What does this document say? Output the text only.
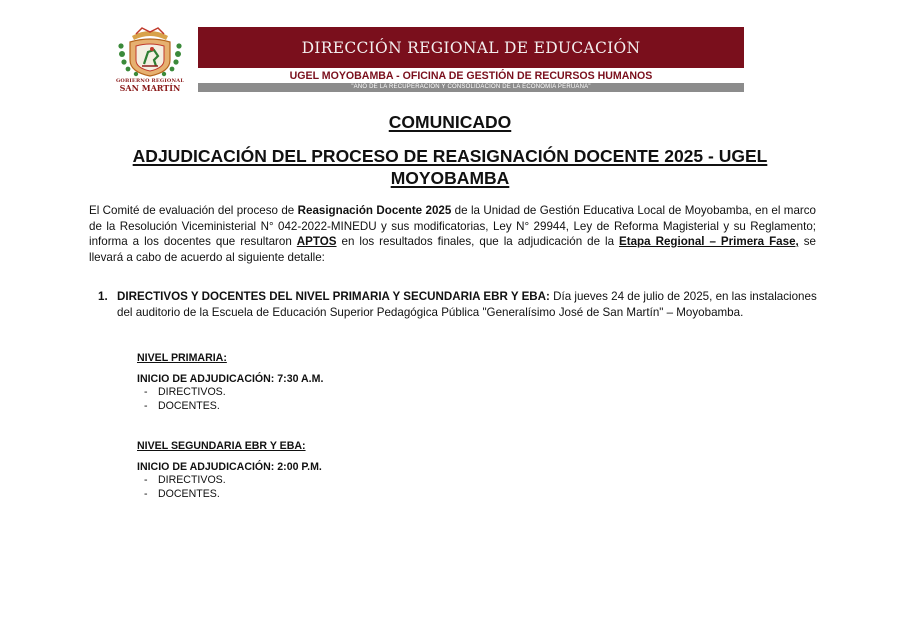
GOBIERNO REGIONAL
SAN MARTÍN
DIRECCIÓN REGIONAL DE EDUCACIÓN
UGEL MOYOBAMBA - OFICINA DE GESTIÓN DE RECURSOS HUMANOS
"AÑO DE LA RECUPERACIÓN Y CONSOLIDACIÓN DE LA ECONOMÍA PERUANA"
COMUNICADO
ADJUDICACIÓN DEL PROCESO DE REASIGNACIÓN DOCENTE 2025 - UGEL
MOYOBAMBA
El Comité de evaluación del proceso de Reasignación Docente 2025 de la Unidad de Gestión Educativa Local de Moyobamba, en el marco de la Resolución Viceministerial N° 042-2022-MINEDU y sus modificatorias, Ley N° 29944, Ley de Reforma Magisterial y su Reglamento; informa a los docentes que resultaron APTOS en los resultados finales, que la adjudicación de la Etapa Regional – Primera Fase, se llevará a cabo de acuerdo al siguiente detalle:
1. DIRECTIVOS Y DOCENTES DEL NIVEL PRIMARIA Y SECUNDARIA EBR Y EBA: Día jueves 24 de julio de 2025, en las instalaciones del auditorio de la Escuela de Educación Superior Pedagógica Pública "Generalísimo José de San Martín" – Moyobamba.
NIVEL PRIMARIA:
INICIO DE ADJUDICACIÓN: 7:30 A.M.
- DIRECTIVOS.
- DOCENTES.
NIVEL SEGUNDARIA EBR Y EBA:
INICIO DE ADJUDICACIÓN: 2:00 P.M.
- DIRECTIVOS.
- DOCENTES.
